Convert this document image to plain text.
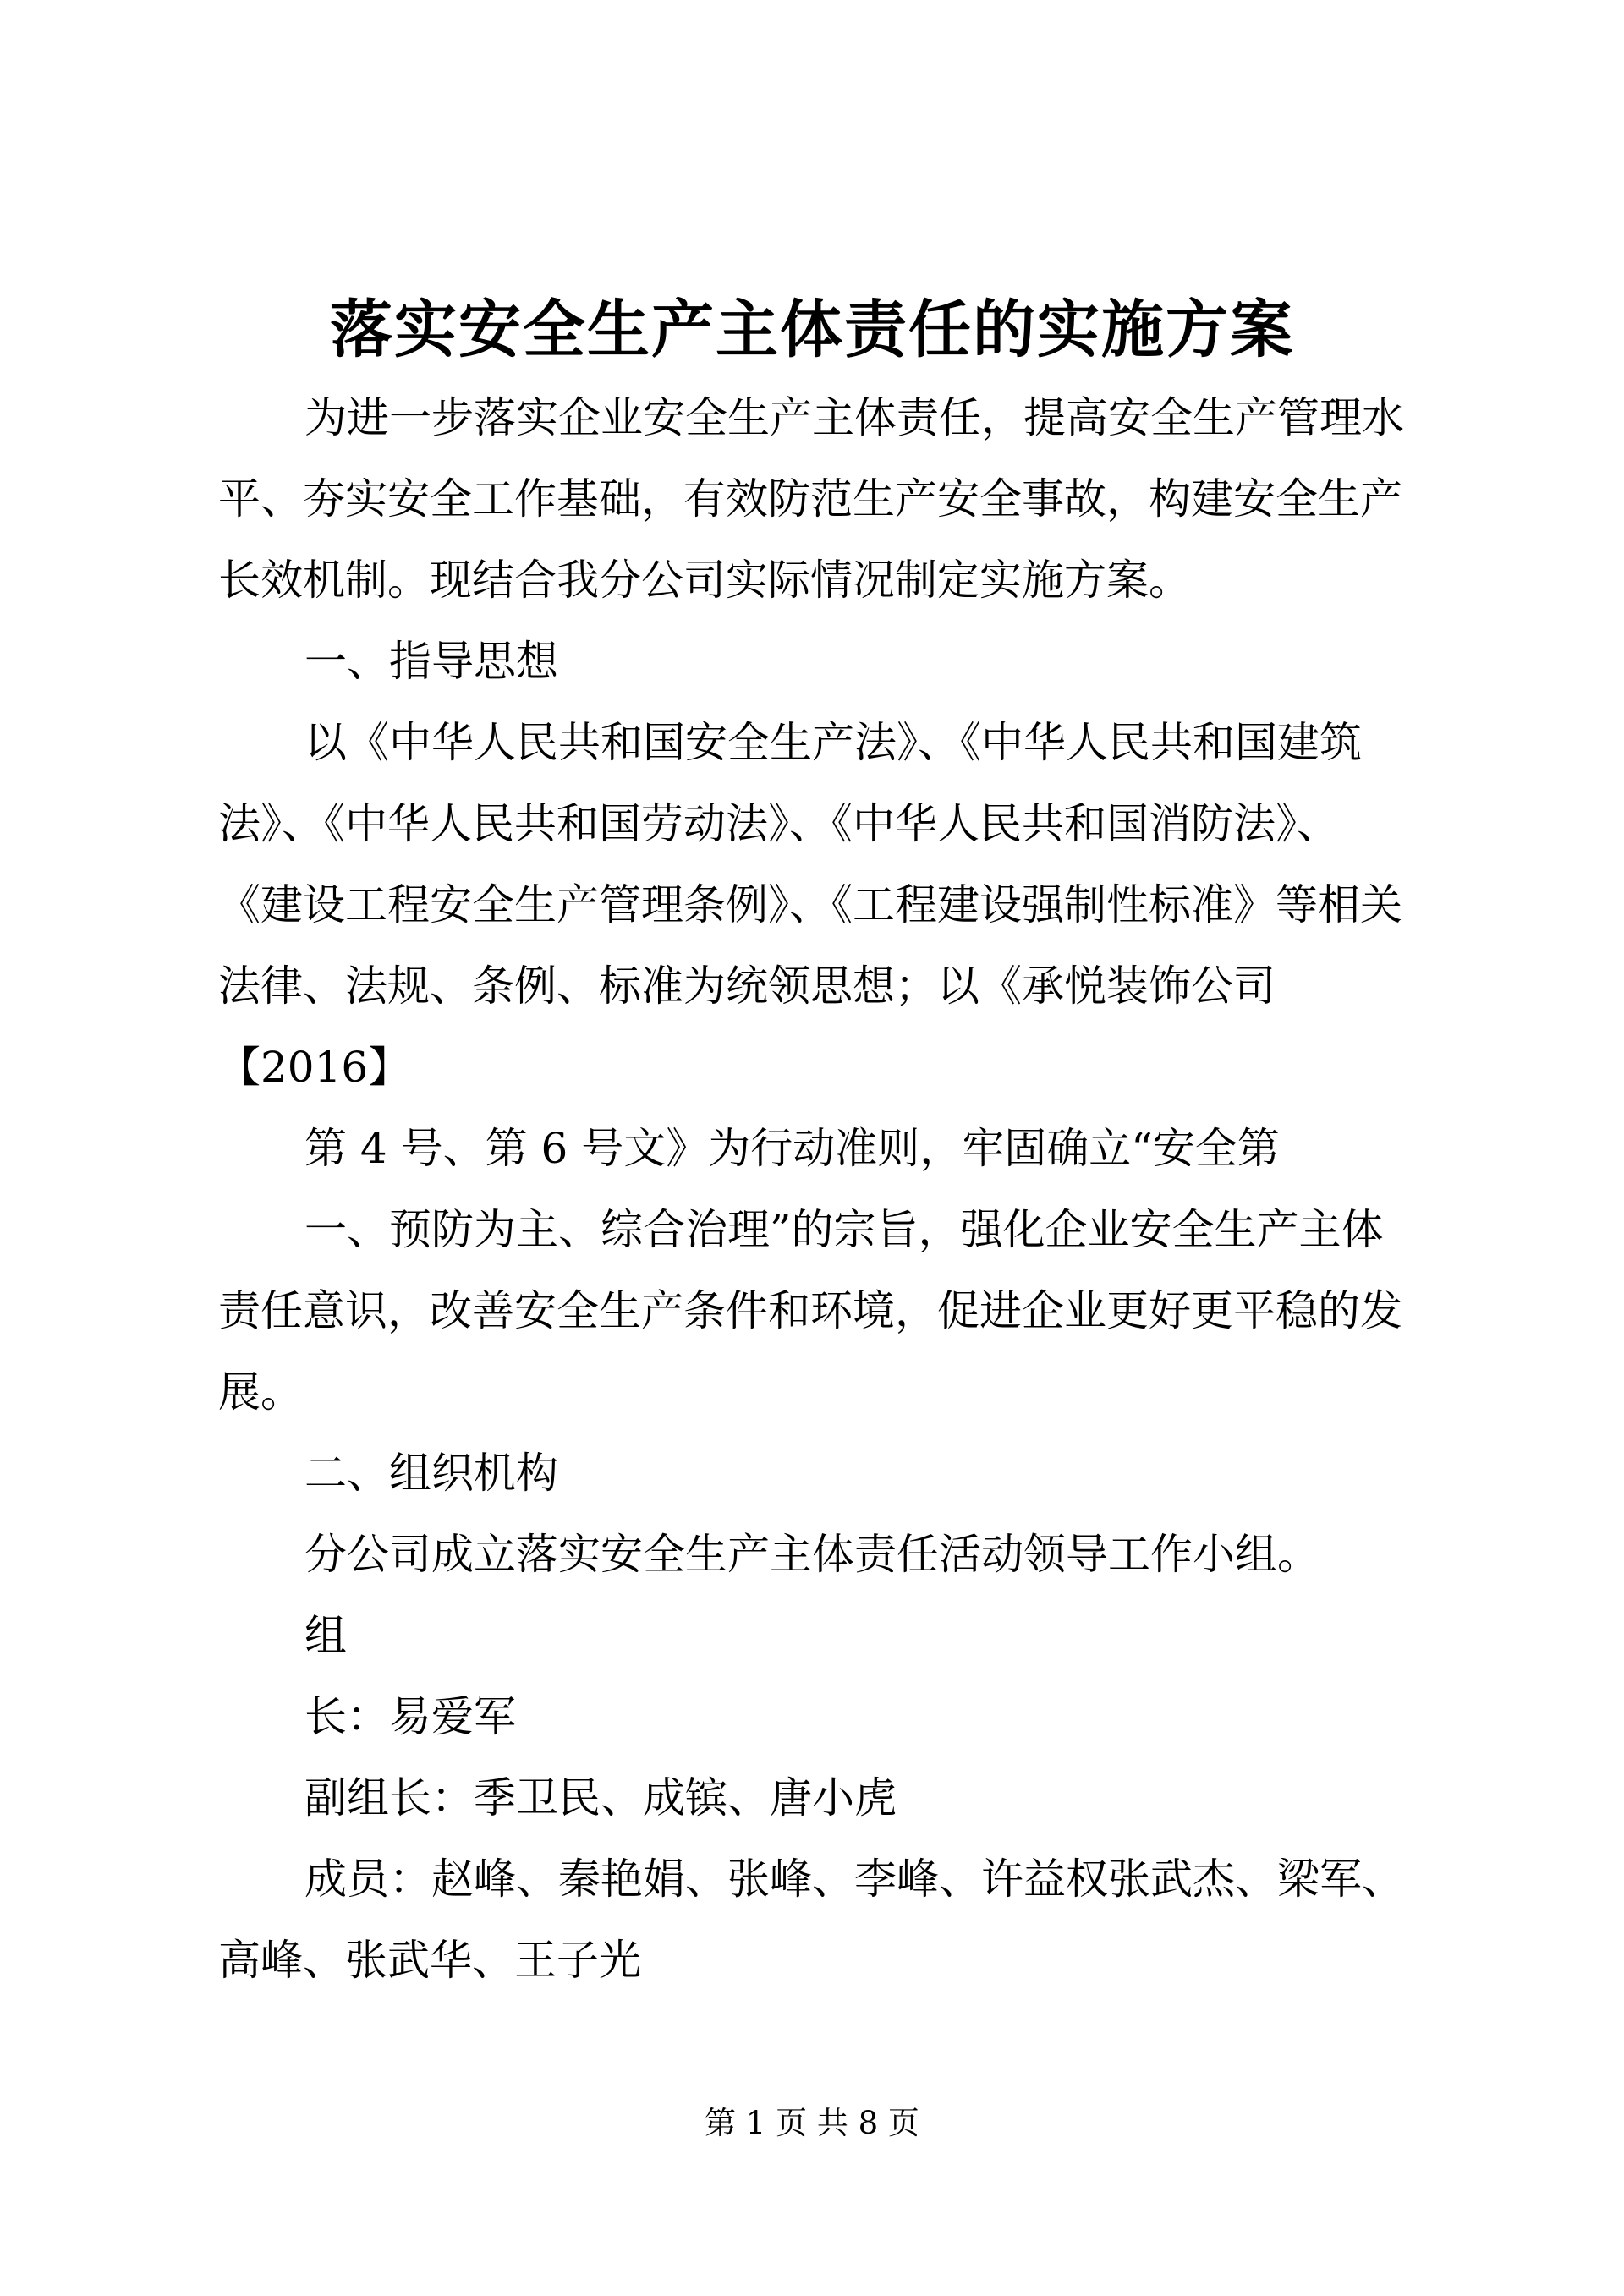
落实安全生产主体责任的实施方案
为进一步落实企业安全生产主体责任，提高安全生产管理水
平、夯实安全工作基础，有效防范生产安全事故，构建安全生产
长效机制。现结合我分公司实际情况制定实施方案。
一、指导思想
以《中华人民共和国安全生产法》、《中华人民共和国建筑
法》、《中华人民共和国劳动法》、《中华人民共和国消防法》、
《建设工程安全生产管理条例》、《工程建设强制性标准》等相关
法律、法规、条例、标准为统领思想；以《承悦装饰公司
【2016】
第 4 号、第 6 号文》为行动准则，牢固确立“安全第
一、预防为主、综合治理”的宗旨，强化企业安全生产主体
责任意识，改善安全生产条件和环境，促进企业更好更平稳的发
展。
二、组织机构
分公司成立落实安全生产主体责任活动领导工作小组。
组
长：易爱军
副组长：季卫民、成镔、唐小虎
成员：赵峰、秦艳娟、张峰、李峰、许益权张武杰、梁军、
高峰、张武华、王子光
第 1 页 共 8 页
